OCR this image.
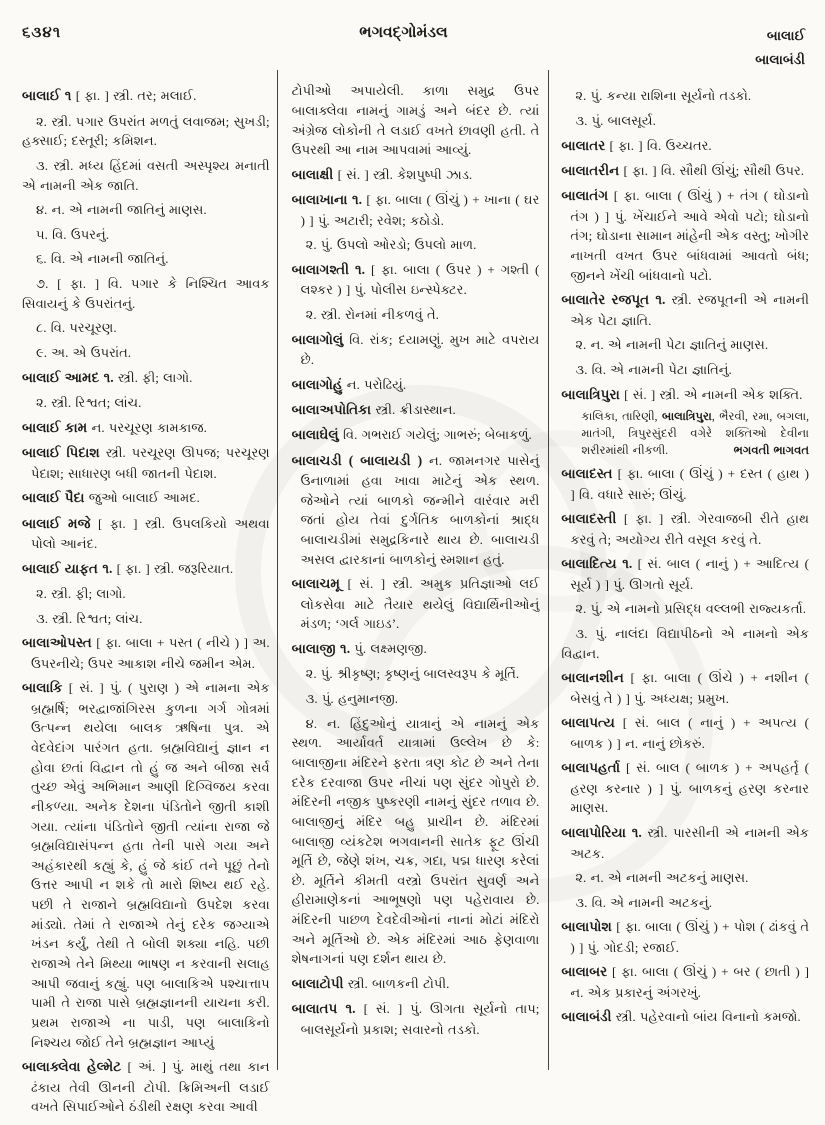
૬૩૪૧	ભગવદ્ગોમંડલ	બાલાઈ
બાલાબંડી

બાલાઈ ૧ [ ફા. ] સ્ત્રી. તર; મલાઈ.

૨. સ્ત્રી. પગાર ઉપરાંત મળતું લવાજમ; સુખડી; હક્સાઈ; દસ્તૂરી; કમિશન.

૩. સ્ત્રી. મધ્ય હિંદમાં વસતી અસ્પૃશ્ય મનાતી એ નામની એક જાતિ.

૪. ન. એ નામની જાતિનું માણસ.

૫. વિ. ઉપરનું.

૬. વિ. એ નામની જાતિનું.

૭. [ ફા. ] વિ. પગાર કે નિશ્ચિત આવક સિવાયનું કે ઉપરાંતનું.

૮. વિ. પરચૂરણ.

૯. અ. એ ઉપરાંત.

બાલાઈ આમદ ૧. સ્ત્રી. ફી; લાગો.

૨. સ્ત્રી. રિશ્વત; લાંચ.

બાલાઈ કામ ન. પરચૂરણ કામકાજ.

બાલાઈ પિદાશ સ્ત્રી. પરચૂરણ ઊપજ; પરચૂરણ પેદાશ; સાધારણ બધી જાતની પેદાશ.

બાલાઈ પૈદા જુઓ બાલાઈ આમદ.

બાલાઈ મજે [ ફા. ] સ્ત્રી. ઉપલકિયો અથવા પોલો આનંદ.

બાલાઈ યાફત ૧. [ ફા. ] સ્ત્રી. જરૂરિયાત.

૨. સ્ત્રી. ફી; લાગો.

૩. સ્ત્રી. રિશ્વત; લાંચ.

બાલાઓપસ્ત [ ફા. બાલા + પસ્ત ( નીચે ) ] અ. ઉપરનીચે; ઉપર આકાશ નીચે જમીન એમ.

બાલાકિ [ સં. ] પું. ( પુરાણ ) એ નામના એક બ્રહ્મર્ષિ; ભરદ્વાજાંગિરસ કુળના ગર્ગ ગોત્રમાં ઉત્પન્ન થયેલા બાલક ઋષિના પુત્ર. એ વેદવેદાંગ પારંગત હતા. બ્રહ્મવિદ્યાનું જ્ઞાન ન હોવા છતાં વિદ્વાન તો હું જ અને બીજા સર્વ તુચ્છ એવું અભિમાન આણી દિગ્વિજય કરવા નીકળ્યા. અનેક દેશના પંડિતોને જીતી કાશી ગયા. ત્યાંના પંડિતોને જીતી ત્યાંના રાજા જે બ્રહ્મવિદ્યાસંપન્ન હતા તેની પાસે ગયા અને અહંકારથી કહ્યું કે, હું જે કાંઈ તને પૂછું તેનો ઉત્તર આપી ન શકે તો મારો શિષ્ય થઈ રહે. પછી તે રાજાને બ્રહ્મવિદ્યાનો ઉપદેશ કરવા માંડ્યો. તેમાં તે રાજાએ તેનું દરેક જગ્યાએ ખંડન કર્યું, તેથી તે બોલી શક્યા નહિ. પછી રાજાએ તેને મિથ્યા ભાષણ ન કરવાની સલાહ આપી જવાનું કહ્યું. પણ બાલાકિએ પશ્ચાત્તાપ પામી તે રાજા પાસે બ્રહ્મજ્ઞાનની યાચના કરી. પ્રથમ રાજાએ ના પાડી, પણ બાલાકિનો નિશ્ચય જોઈ તેને બ્રહ્મજ્ઞાન આપ્યું

બાલાક્લેવા હેલ્મેટ [ અં. ] પું. માથું તથા કાન ઢંકાય તેવી ઊનની ટોપી. ક્રિમિઅની લડાઈ વખતે સિપાઈઓને ઠંડીથી રક્ષણ કરવા આવી

ટોપીઓ અપાયેલી. કાળા સમુદ્ર ઉપર બાલાક્લેવા નામનું ગામડું અને બંદર છે. ત્યાં અંગ્રેજ લોકોની તે લડાઈ વખતે છાવણી હતી. તે ઉપરથી આ નામ આપવામાં આવ્યું.

બાલાક્ષી [ સં. ] સ્ત્રી. કેશપુષ્પી ઝાડ.

બાલાખાના ૧. [ ફા. બાલા ( ઊંચું ) + ખાના ( ઘર ) ] પું. અટારી; રવેશ; કઠોડો.

૨. પું. ઉપલો ઓરડો; ઉપલો માળ.

બાલાગશ્તી ૧. [ ફા. બાલા ( ઉપર ) + ગશ્તી ( લશ્કર ) ] પું. પોલીસ ઇન્સ્પેક્ટર.

૨. સ્ત્રી. રોનમાં નીકળવું તે.

બાલાગોલું વિ. રાંક; દયામણું. મુખ માટે વપરાય છે.

બાલાગોહું ન. પરોઢિયું.

બાલાઅપોતિકા સ્ત્રી. ક્રીડાસ્થાન.

બાલાઘેલું વિ. ગભરાઈ ગયેલું; ગાભરું; બેબાકળું.

બાલાચડી ( બાલાયડી ) ન. જામનગર પાસેનું ઉનાળામાં હવા ખાવા માટેનું એક સ્થળ. જેઓને ત્યાં બાળકો જન્મીને વારંવાર મરી જતાં હોય તેવાં દુર્ગતિક બાળકોનાં શ્રાદ્ધ બાલાચડીમાં સમુદ્રકિનારે થાય છે. બાલાચડી અસલ દ્વારકાનાં બાળકોનું સ્મશાન હતું.

બાલાચમૂ [ સં. ] સ્ત્રી. અમુક પ્રતિજ્ઞાઓ લઈ લોકસેવા માટે તૈયાર થયેલું વિદ્યાર્થિનીઓનું મંડળ; ‘ગર્લ ગાઇડ’.

બાલાજી ૧. પું. લક્ષ્મણજી.

૨. પું. શ્રીકૃષ્ણ; કૃષ્ણનું બાલસ્વરૂપ કે મૂર્તિ.

૩. પું. હનુમાનજી.

૪. ન. હિંદુઓનું યાત્રાનું એ નામનું એક સ્થળ. આર્યાવર્ત યાત્રામાં ઉલ્લેખ છે કે: બાલાજીના મંદિરને ફરતા ત્રણ કોટ છે અને તેના દરેક દરવાજા ઉપર નીચાં પણ સુંદર ગોપુરો છે. મંદિરની નજીક પુષ્કરણી નામનું સુંદર તળાવ છે. બાલાજીનું મંદિર બહુ પ્રાચીન છે. મંદિરમાં બાલાજી વ્યંકટેશ ભગવાનની સાતેક ફૂટ ઊંચી મૂર્તિ છે, જેણે શંખ, ચક્ર, ગદા, પદ્મ ધારણ કરેલાં છે. મૂર્તિને કીમતી વસ્ત્રો ઉપરાંત સુવર્ણ અને હીરામાણેકનાં આભૂષણો પણ પહેરાવાય છે. મંદિરની પાછળ દેવદેવીઓનાં નાનાં મોટાં મંદિરો અને મૂર્તિઓ છે. એક મંદિરમાં આઠ ફેણવાળા શેષનાગનાં પણ દર્શન થાય છે.

બાલાટોપી સ્ત્રી. બાળકની ટોપી.

બાલાતપ ૧. [ સં. ] પું. ઊગતા સૂર્યનો તાપ; બાલસૂર્યનો પ્રકાશ; સવારનો તડકો.

૨. પું. કન્યા રાશિના સૂર્યનો તડકો.

૩. પું. બાલસૂર્ય.

બાલાતર [ ફા. ] વિ. ઉચ્ચતર.

બાલાતરીન [ ફા. ] વિ. સૌથી ઊંચું; સૌથી ઉપર.

બાલાતંગ [ ફા. બાલા ( ઊંચું ) + તંગ ( ઘોડાનો તંગ ) ] પું. ખેંચાઈને આવે એવો પટો; ઘોડાનો તંગ; ઘોડાના સામાન માંહેની એક વસ્તુ; ખોગીર નાખતી વખત ઉપર બાંધવામાં આવતો બંધ; જીનને ખેંચી બાંધવાનો પટો.

બાલાતેર રજપૂત ૧. સ્ત્રી. રજપૂતની એ નામની એક પેટા જ્ઞાતિ.

૨. ન. એ નામની પેટા જ્ઞાતિનું માણસ.

૩. વિ. એ નામની પેટા જ્ઞાતિનું.

બાલાત્રિપુરા [ સં. ] સ્ત્રી. એ નામની એક શક્તિ.

કાલિકા, તારિણી, બાલાત્રિપુરા, ભૈરવી, રમા, બગલા, માતંગી, ત્રિપુરસુંદરી વગેરે શક્તિઓ દેવીના શરીરમાંથી નીકળી.	ભગવતી ભાગવત

બાલાદસ્ત [ ફા. બાલા ( ઊંચું ) + દસ્ત ( હાથ ) ] વિ. વધારે સારું; ઊંચું.

બાલાદસ્તી [ ફા. ] સ્ત્રી. ગેરવાજબી રીતે હાથ કરવું તે; અયોગ્ય રીતે વસૂલ કરવું તે.

બાલાદિત્ય ૧. [ સં. બાલ ( નાનું ) + આદિત્ય ( સૂર્ય ) ] પું. ઊગતો સૂર્ય.

૨. પું. એ નામનો પ્રસિદ્ધ વલ્લભી રાજ્યકર્તા.

૩. પું. નાલંદા વિદ્યાપીઠનો એ નામનો એક વિદ્વાન.

બાલાનશીન [ ફા. બાલા ( ઊંચે ) + નશીન ( બેસવું તે ) ] પું. અધ્યક્ષ; પ્રમુખ.

બાલાપત્ય [ સં. બાલ ( નાનું ) + અપત્ય ( બાળક ) ] ન. નાનું છોકરું.

બાલાપહર્તા [ સં. બાલ ( બાળક ) + અપહર્તૃ ( હરણ કરનાર ) ] પું. બાળકનું હરણ કરનાર માણસ.

બાલાપોરિયા ૧. સ્ત્રી. પારસીની એ નામની એક અટક.

૨. ન. એ નામની અટકનું માણસ.

૩. વિ. એ નામની અટકનું.

બાલાપોશ [ ફા. બાલા ( ઊંચું ) + પોશ ( ઢાંકવું તે ) ] પું. ગોદડી; રજાઈ.

બાલાબર [ ફા. બાલા ( ઊંચું ) + બર ( છાતી ) ] ન. એક પ્રકારનું અંગરખું.

બાલાબંડી સ્ત્રી. પહેરવાનો બાંય વિનાનો કમજો.
